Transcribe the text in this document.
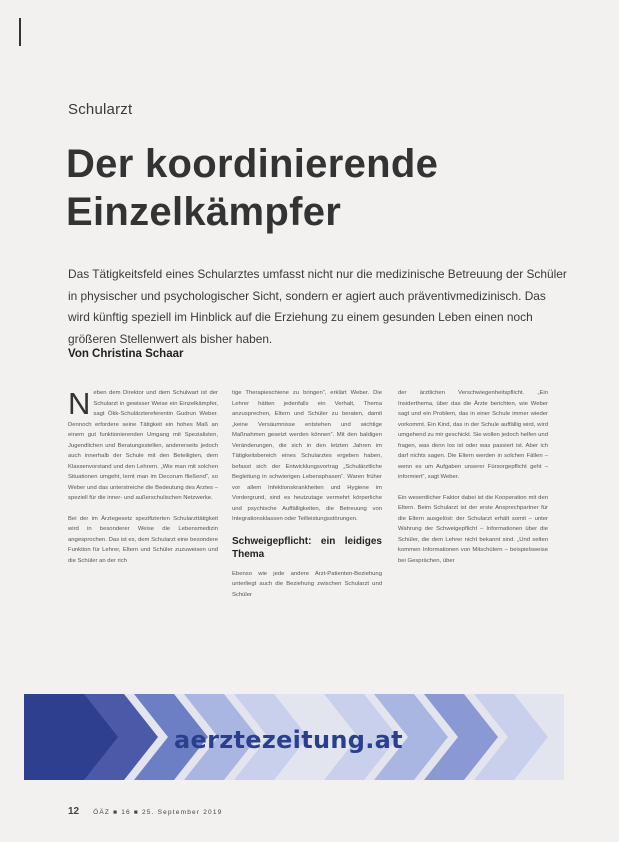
Schularzt
Der koordinierende
Einzelkämpfer

Das Tätigkeitsfeld eines Schularztes umfasst nicht nur die medizinische Betreuung der Schüler in physischer und psychologischer Sicht, sondern er agiert auch präventivmedizinisch. Das wird künftig speziell im Hinblick auf die Erziehung zu einem gesunden Leben einen noch größeren Stellenwert als bisher haben.

Von Christina Schaar

Neben dem Direktor und dem Schulwart ist der Schularzt in gewisser Weise ein Einzelkämpfer, sagt Ökk-Schulärztereferentin Gudrun Weber. Dennoch erfordere seine Tätigkeit ein hohes Maß an einem gut funktionierenden Umgang mit Spezialisten, Jugendlichen und Beratungsstellen, andererseits jedoch auch innerhalb der Schule mit den Beteiligten, dem Klassenvorstand und den Lehrern. „Wie man mit solchen Situationen umgeht, lernt man im Decorum fließend“, so Weber und das unterstreiche die Bedeutung des Arztes – speziell für die inner- und außerschulischen Netzwerke.

Bei der im Ärztegesetz spezifizierten Schularzttätigkeit wird in besonderer Weise die Lebensmedizin angesprochen. Das ist es, dem Schularzt eine besondere Funktion für Lehrer, Eltern und Schüler zuzuweisen und die Schüler an der rich

tige Therapieschiene zu bringen“, erklärt Weber. Die Lehrer hätten jedenfalls ein Verhalt, Thema anzusprechen, Eltern und Schüler zu beraten, damit „keine Versäumnisse entstehen und wichtige Maßnahmen gesetzt werden können“. Mit den baldigen Veränderungen, die sich in den letzten Jahren im Tätigkeitsbereich eines Schularztes ergeben haben, befasst sich der Entwicklungsvortrag „Schulärztliche Begleitung in schwierigen Lebensphasen“. Waren früher vor allem Infektionskrankheiten und Hygiene im Vordergrund, sind es heutzutage vermehrt körperliche und psychische Auffälligkeiten, die Betreuung von Integrationsklassen oder Teilleistungsstörungen.

Schweigepflicht: ein leidiges Thema

Ebenso wie jede andere Arzt-Patienten-Beziehung unterliegt auch die Beziehung zwischen Schularzt und Schüler

der ärztlichen Verschwiegenheitspflicht. „Ein Insiderthema, über das die Ärzte berichten, wie Weber sagt und ein Problem, das in einer Schule immer wieder vorkommt. Ein Kind, das in der Schule auffällig wird, wird umgehend zu mir geschickt. Sie wollen jedoch helfen und fragen, was denn los ist oder was passiert ist. Aber ich darf nichts sagen. Die Eltern werden in solchen Fällen – wenn es um Aufgaben unserer Fürsorgepflicht geht – informiert“, sagt Weber.

Ein wesentlicher Faktor dabei ist die Kooperation mit den Eltern. Beim Schularzt ist der erste Ansprechpartner für die Eltern ausgelöst: der Schularzt erhält somit – unter Wahrung der Schweigepflicht – Informationen über die Schüler, die dem Lehrer nicht bekannt sind. „Und selten kommen Informationen von Mitschülern – beispielsweise bei Gesprächen, über

aerztezeitung.at
12 ÖÄZ ■ 16 ■ 25. September 2019
